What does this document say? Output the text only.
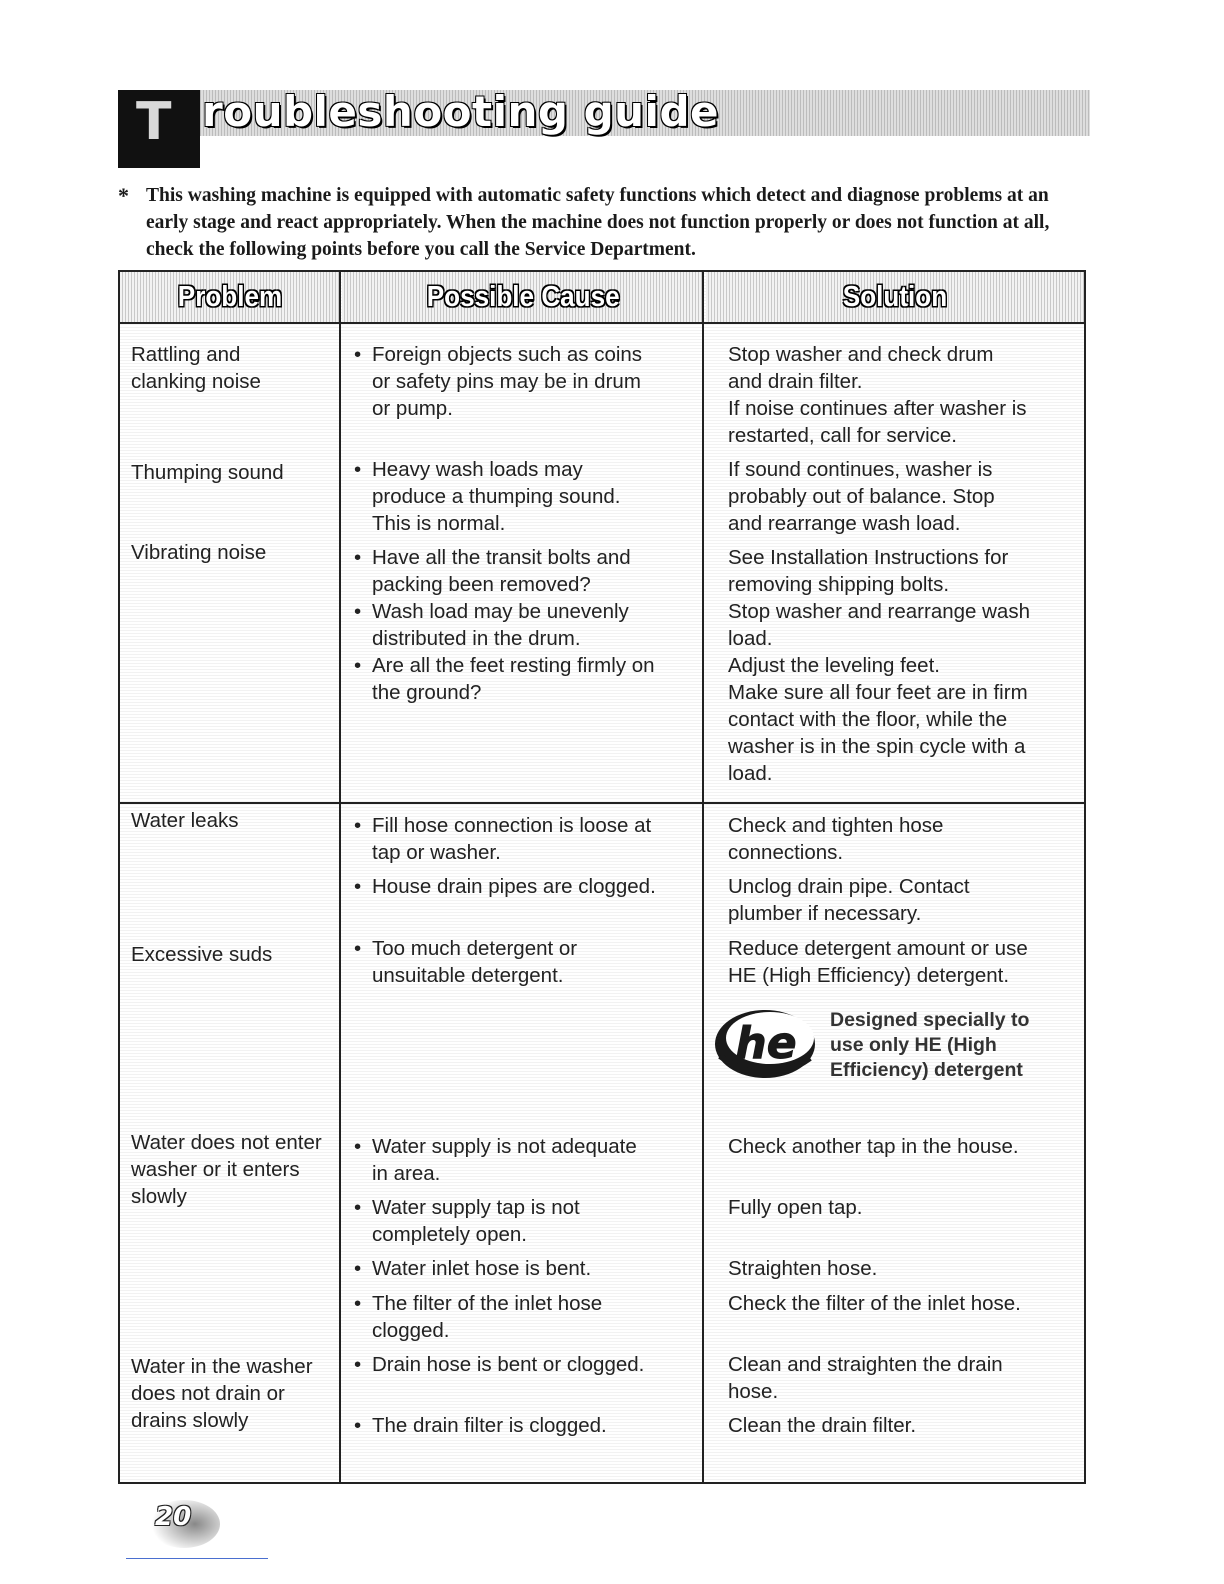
T roubleshooting guide
* This washing machine is equipped with automatic safety functions which detect and diagnose problems at an early stage and react appropriately. When the machine does not function properly or does not function at all, check the following points before you call the Service Department.
Problem	Possible Cause	Solution
Rattling and
clanking noise
Thumping sound
Vibrating noise
Water leaks
Excessive suds
Water does not enter
washer or it enters
slowly
Water in the washer
does not drain or
drains slowly
• Foreign objects such as coins
or safety pins may be in drum
or pump.
• Heavy wash loads may
produce a thumping sound.
This is normal.
• Have all the transit bolts and
packing been removed?
• Wash load may be unevenly
distributed in the drum.
• Are all the feet resting firmly on
the ground?
• Fill hose connection is loose at
tap or washer.
• House drain pipes are clogged.
• Too much detergent or
unsuitable detergent.
• Water supply is not adequate
in area.
• Water supply tap is not
completely open.
• Water inlet hose is bent.
• The filter of the inlet hose
clogged.
• Drain hose is bent or clogged.
• The drain filter is clogged.
Stop washer and check drum
and drain filter.
If noise continues after washer is
restarted, call for service.
If sound continues, washer is
probably out of balance. Stop
and rearrange wash load.
See Installation Instructions for
removing shipping bolts.
Stop washer and rearrange wash
load.
Adjust the leveling feet.
Make sure all four feet are in firm
contact with the floor, while the
washer is in the spin cycle with a
load.
Check and tighten hose
connections.
Unclog drain pipe. Contact
plumber if necessary.
Reduce detergent amount or use
HE (High Efficiency) detergent.
Check another tap in the house.
Fully open tap.
Straighten hose.
Check the filter of the inlet hose.
Clean and straighten the drain
hose.
Clean the drain filter.
he Designed specially to
use only HE (High
Efficiency) detergent
20
